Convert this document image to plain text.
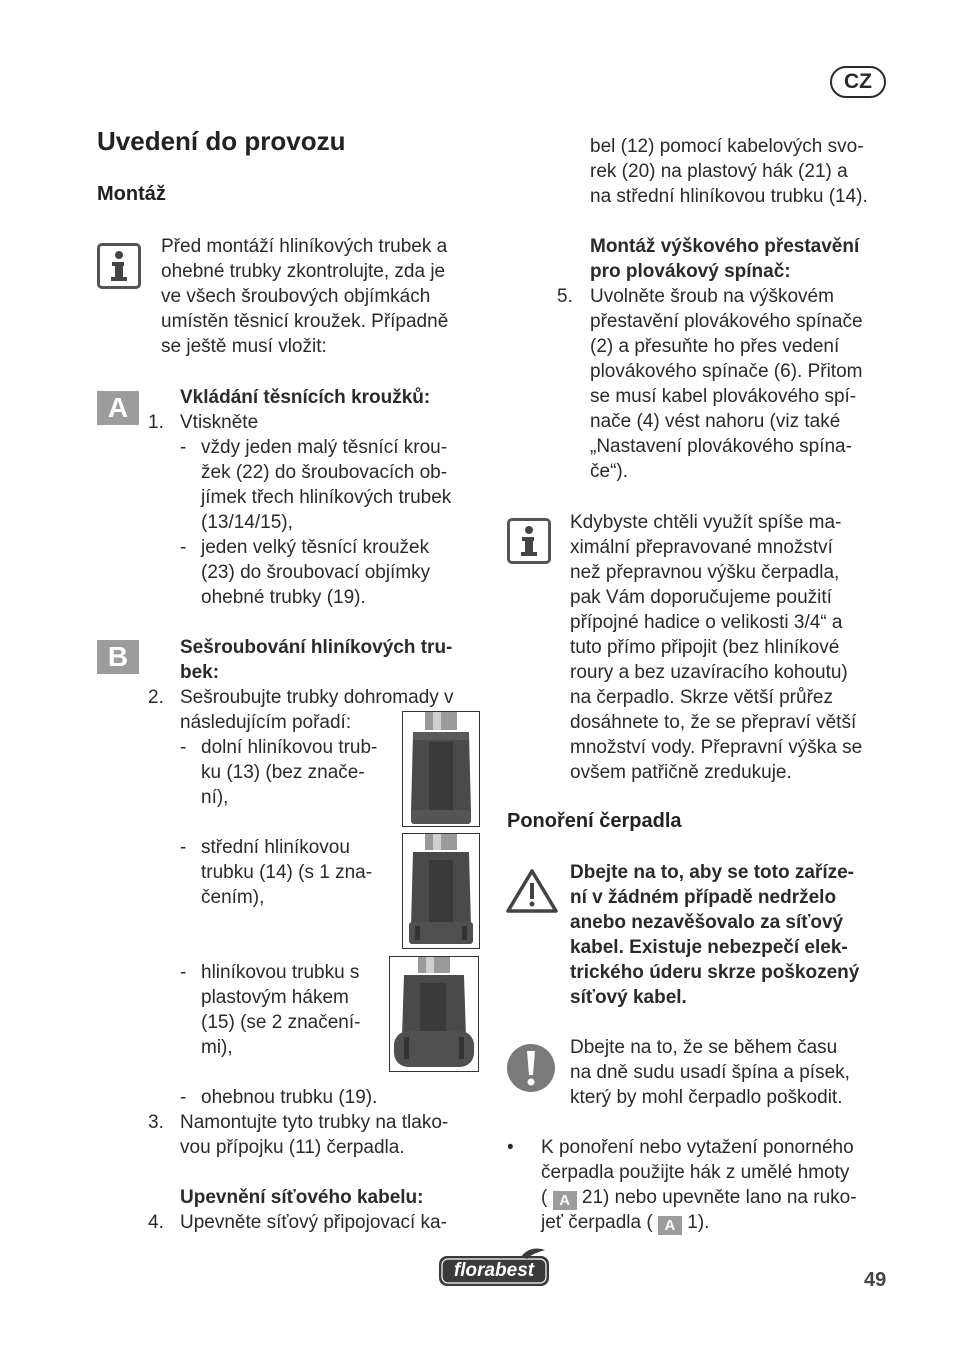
CZ
Uvedení do provozu
Montáž
Před montáží hliníkových trubek a
ohebné trubky zkontrolujte, zda je
ve všech šroubových objímkách
umístěn těsnicí kroužek. Případně
se ještě musí vložit:
A	Vkládání těsnících kroužků:
1. Vtiskněte
- vždy jeden malý těsnící krou-
žek (22) do šroubovacích ob-
jímek třech hliníkových trubek
(13/14/15),
- jeden velký těsnící kroužek
(23) do šroubovací objímky
ohebné trubky (19).
B	Sešroubování hliníkových tru-
bek:
2. Sešroubujte trubky dohromady v
následujícím pořadí:
- dolní hliníkovou trub-
ku (13) (bez znače-
ní),
- střední hliníkovou
trubku (14) (s 1 zna-
čením),
- hliníkovou trubku s
plastovým hákem
(15) (se 2 značení-
mi),
- ohebnou trubku (19).
3. Namontujte tyto trubky na tlako-
vou přípojku (11) čerpadla.
Upevnění síťového kabelu:
4. Upevněte síťový připojovací ka-
bel (12) pomocí kabelových svo-
rek (20) na plastový hák (21) a
na střední hliníkovou trubku (14).
Montáž výškového přestavění
pro plovákový spínač:
5. Uvolněte šroub na výškovém
přestavění plovákového spínače
(2) a přesuňte ho přes vedení
plovákového spínače (6). Přitom
se musí kabel plovákového spí-
nače (4) vést nahoru (viz také
„Nastavení plovákového spína-
če“).
Kdybyste chtěli využít spíše ma-
ximální přepravované množství
než přepravnou výšku čerpadla,
pak Vám doporučujeme použití
přípojné hadice o velikosti 3/4“ a
tuto přímo připojit (bez hliníkové
roury a bez uzavíracího kohoutu)
na čerpadlo. Skrze větší průřez
dosáhnete to, že se přepraví větší
množství vody. Přepravní výška se
ovšem patřičně zredukuje.
Ponoření čerpadla
Dbejte na to, aby se toto zaříze-
ní v žádném případě nedrželo
anebo nezavěšovalo za síťový
kabel. Existuje nebezpečí elek-
trického úderu skrze poškozený
síťový kabel.
Dbejte na to, že se během času
na dně sudu usadí špína a písek,
který by mohl čerpadlo poškodit.
• K ponoření nebo vytažení ponorného
čerpadla použijte hák z umělé hmoty
( A 21) nebo upevněte lano na ruko-
jeť čerpadla ( A 1).
florabest	49
